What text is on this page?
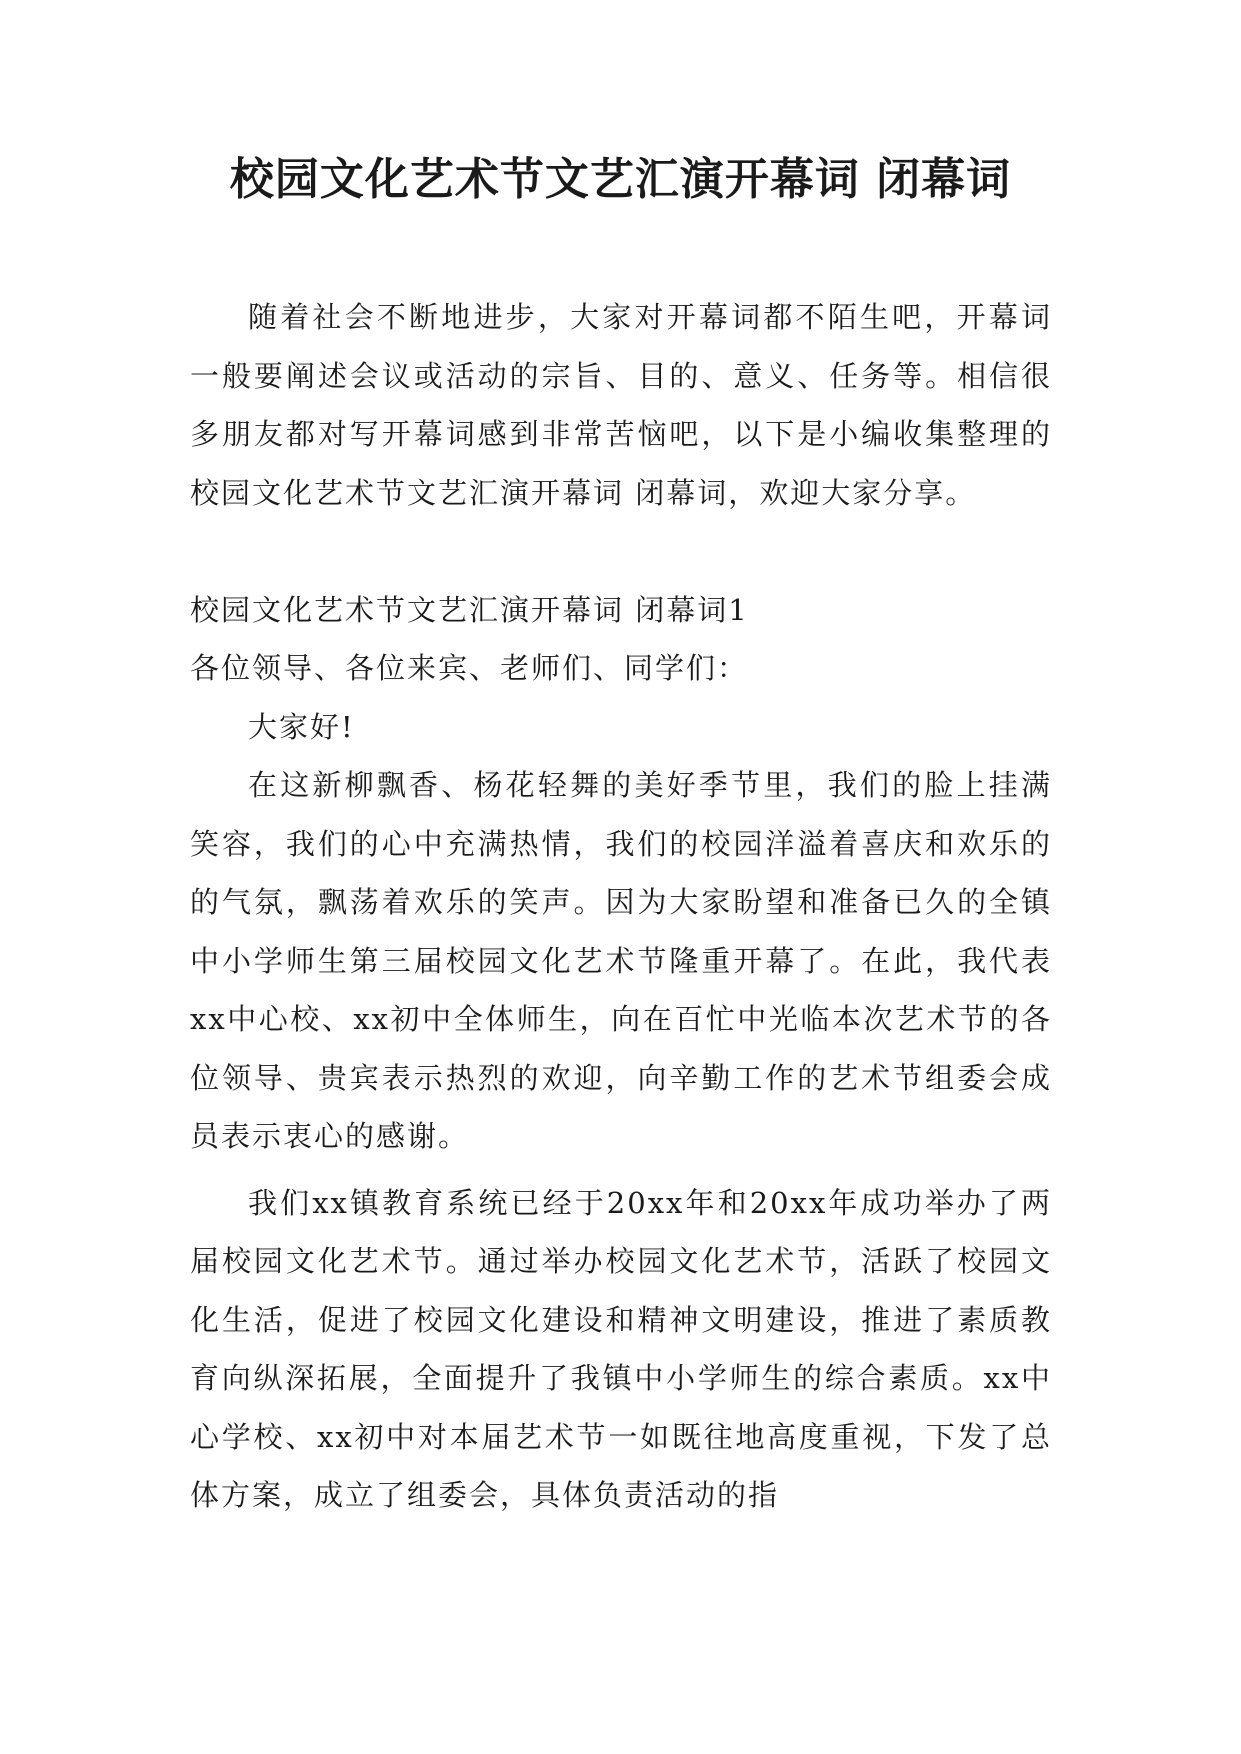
校园文化艺术节文艺汇演开幕词 闭幕词

随着社会不断地进步，大家对开幕词都不陌生吧，开幕词一般要阐述会议或活动的宗旨、目的、意义、任务等。相信很多朋友都对写开幕词感到非常苦恼吧，以下是小编收集整理的校园文化艺术节文艺汇演开幕词 闭幕词，欢迎大家分享。

校园文化艺术节文艺汇演开幕词 闭幕词1

各位领导、各位来宾、老师们、同学们：

大家好!

在这新柳飘香、杨花轻舞的美好季节里，我们的脸上挂满笑容，我们的心中充满热情，我们的校园洋溢着喜庆和欢乐的的气氛，飘荡着欢乐的笑声。因为大家盼望和准备已久的全镇中小学师生第三届校园文化艺术节隆重开幕了。在此，我代表xx中心校、xx初中全体师生，向在百忙中光临本次艺术节的各位领导、贵宾表示热烈的欢迎，向辛勤工作的艺术节组委会成员表示衷心的感谢。

我们xx镇教育系统已经于20xx年和20xx年成功举办了两届校园文化艺术节。通过举办校园文化艺术节，活跃了校园文化生活，促进了校园文化建设和精神文明建设，推进了素质教育向纵深拓展，全面提升了我镇中小学师生的综合素质。xx中心学校、xx初中对本届艺术节一如既往地高度重视，下发了总体方案，成立了组委会，具体负责活动的指
